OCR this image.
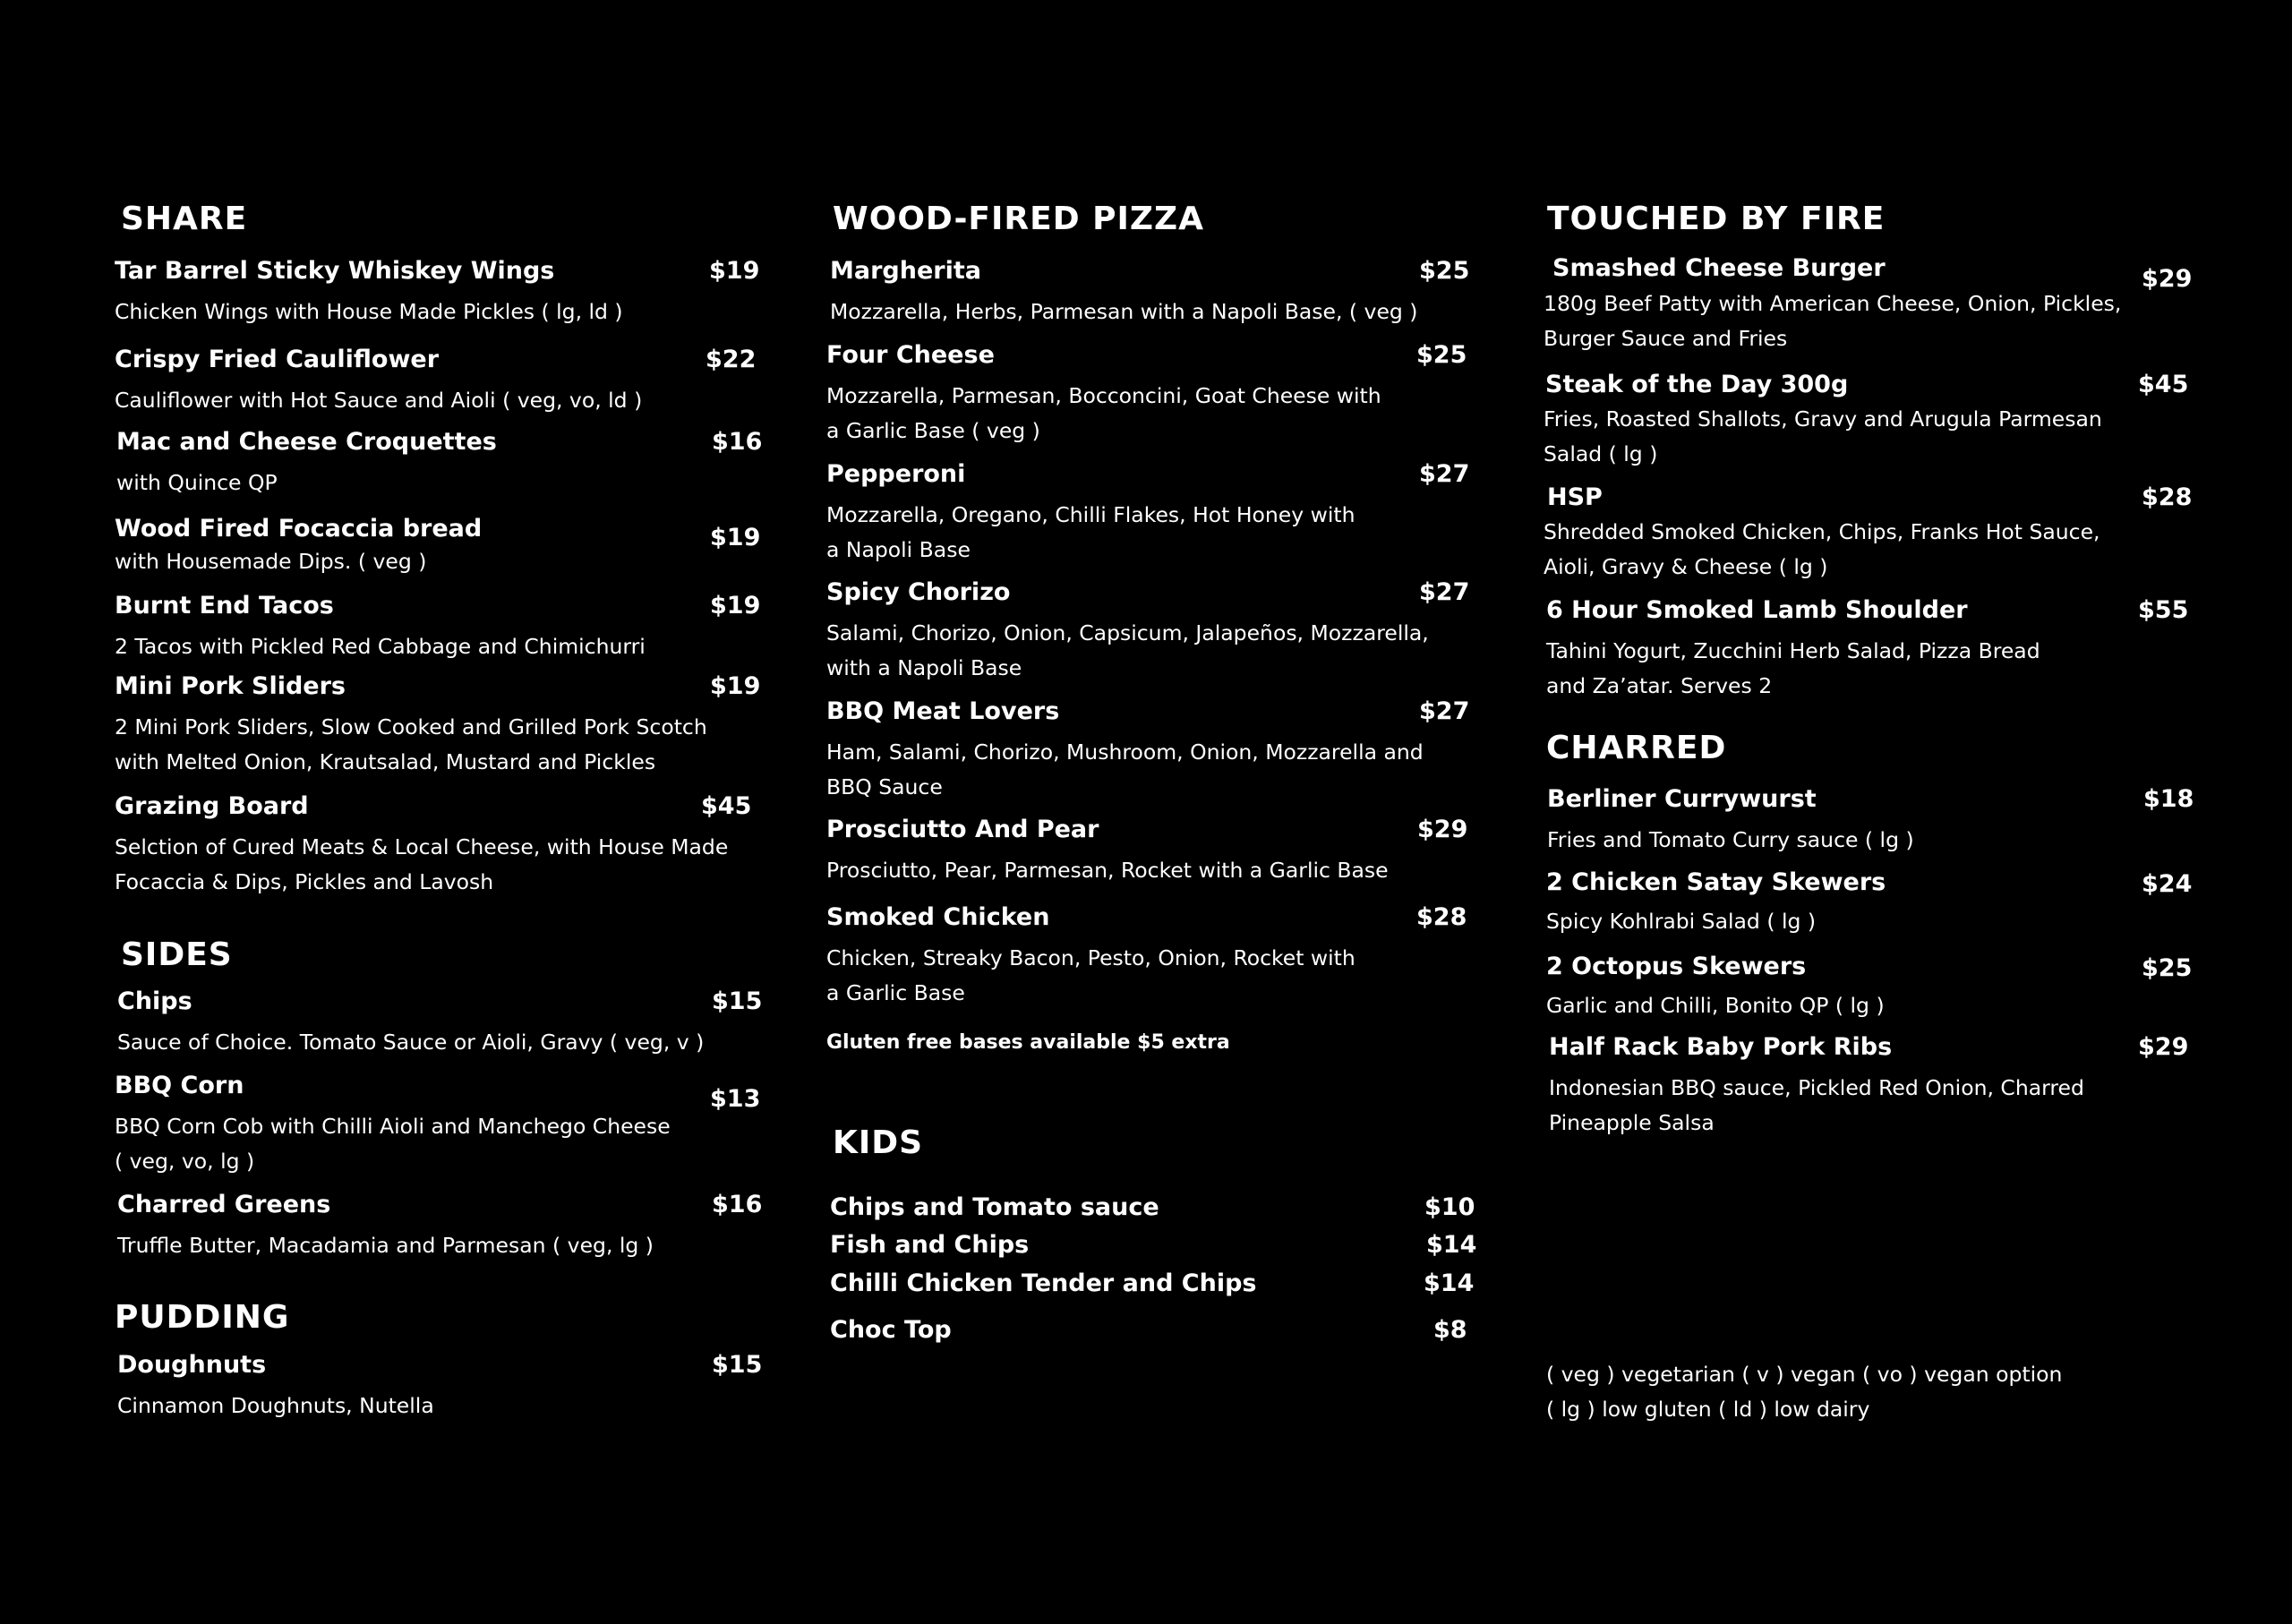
SHARE
Tar Barrel Sticky Whiskey Wings	$19
Chicken Wings with House Made Pickles ( lg, ld )
Crispy Fried Cauliflower	$22
Cauliflower with Hot Sauce and Aioli ( veg, vo, ld )
Mac and Cheese Croquettes	$16
with Quince QP
Wood Fired Focaccia bread	$19
with Housemade Dips. ( veg )
Burnt End Tacos	$19
2 Tacos with Pickled Red Cabbage and Chimichurri
Mini Pork Sliders	$19
2 Mini Pork Sliders, Slow Cooked and Grilled Pork Scotch
with Melted Onion, Krautsalad, Mustard and Pickles
Grazing Board	$45
Selction of Cured Meats & Local Cheese, with House Made
Focaccia & Dips, Pickles and Lavosh
SIDES
Chips	$15
Sauce of Choice. Tomato Sauce or Aioli, Gravy ( veg, v )
BBQ Corn	$13
BBQ Corn Cob with Chilli Aioli and Manchego Cheese
( veg, vo, lg )
Charred Greens	$16
Truffle Butter, Macadamia and Parmesan ( veg, lg )
PUDDING
Doughnuts	$15
Cinnamon Doughnuts, Nutella
WOOD-FIRED PIZZA
Margherita	$25
Mozzarella, Herbs, Parmesan with a Napoli Base, ( veg )
Four Cheese	$25
Mozzarella, Parmesan, Bocconcini, Goat Cheese with
a Garlic Base ( veg )
Pepperoni	$27
Mozzarella, Oregano, Chilli Flakes, Hot Honey with
a Napoli Base
Spicy Chorizo	$27
Salami, Chorizo, Onion, Capsicum, Jalapeños, Mozzarella,
with a Napoli Base
BBQ Meat Lovers	$27
Ham, Salami, Chorizo, Mushroom, Onion, Mozzarella and
BBQ Sauce
Prosciutto And Pear	$29
Prosciutto, Pear, Parmesan, Rocket with a Garlic Base
Smoked Chicken	$28
Chicken, Streaky Bacon, Pesto, Onion, Rocket with
a Garlic Base
Gluten free bases available $5 extra
KIDS
Chips and Tomato sauce	$10
Fish and Chips	$14
Chilli Chicken Tender and Chips	$14
Choc Top	$8
TOUCHED BY FIRE
Smashed Cheese Burger	$29
180g Beef Patty with American Cheese, Onion, Pickles,
Burger Sauce and Fries
Steak of the Day 300g	$45
Fries, Roasted Shallots, Gravy and Arugula Parmesan
Salad ( lg )
HSP	$28
Shredded Smoked Chicken, Chips, Franks Hot Sauce,
Aioli, Gravy & Cheese ( lg )
6 Hour Smoked Lamb Shoulder	$55
Tahini Yogurt, Zucchini Herb Salad, Pizza Bread
and Za’atar. Serves 2
CHARRED
Berliner Currywurst	$18
Fries and Tomato Curry sauce ( lg )
2 Chicken Satay Skewers	$24
Spicy Kohlrabi Salad ( lg )
2 Octopus Skewers	$25
Garlic and Chilli, Bonito QP ( lg )
Half Rack Baby Pork Ribs	$29
Indonesian BBQ sauce, Pickled Red Onion, Charred
Pineapple Salsa
( veg ) vegetarian ( v ) vegan ( vo ) vegan option
( lg ) low gluten ( ld ) low dairy
